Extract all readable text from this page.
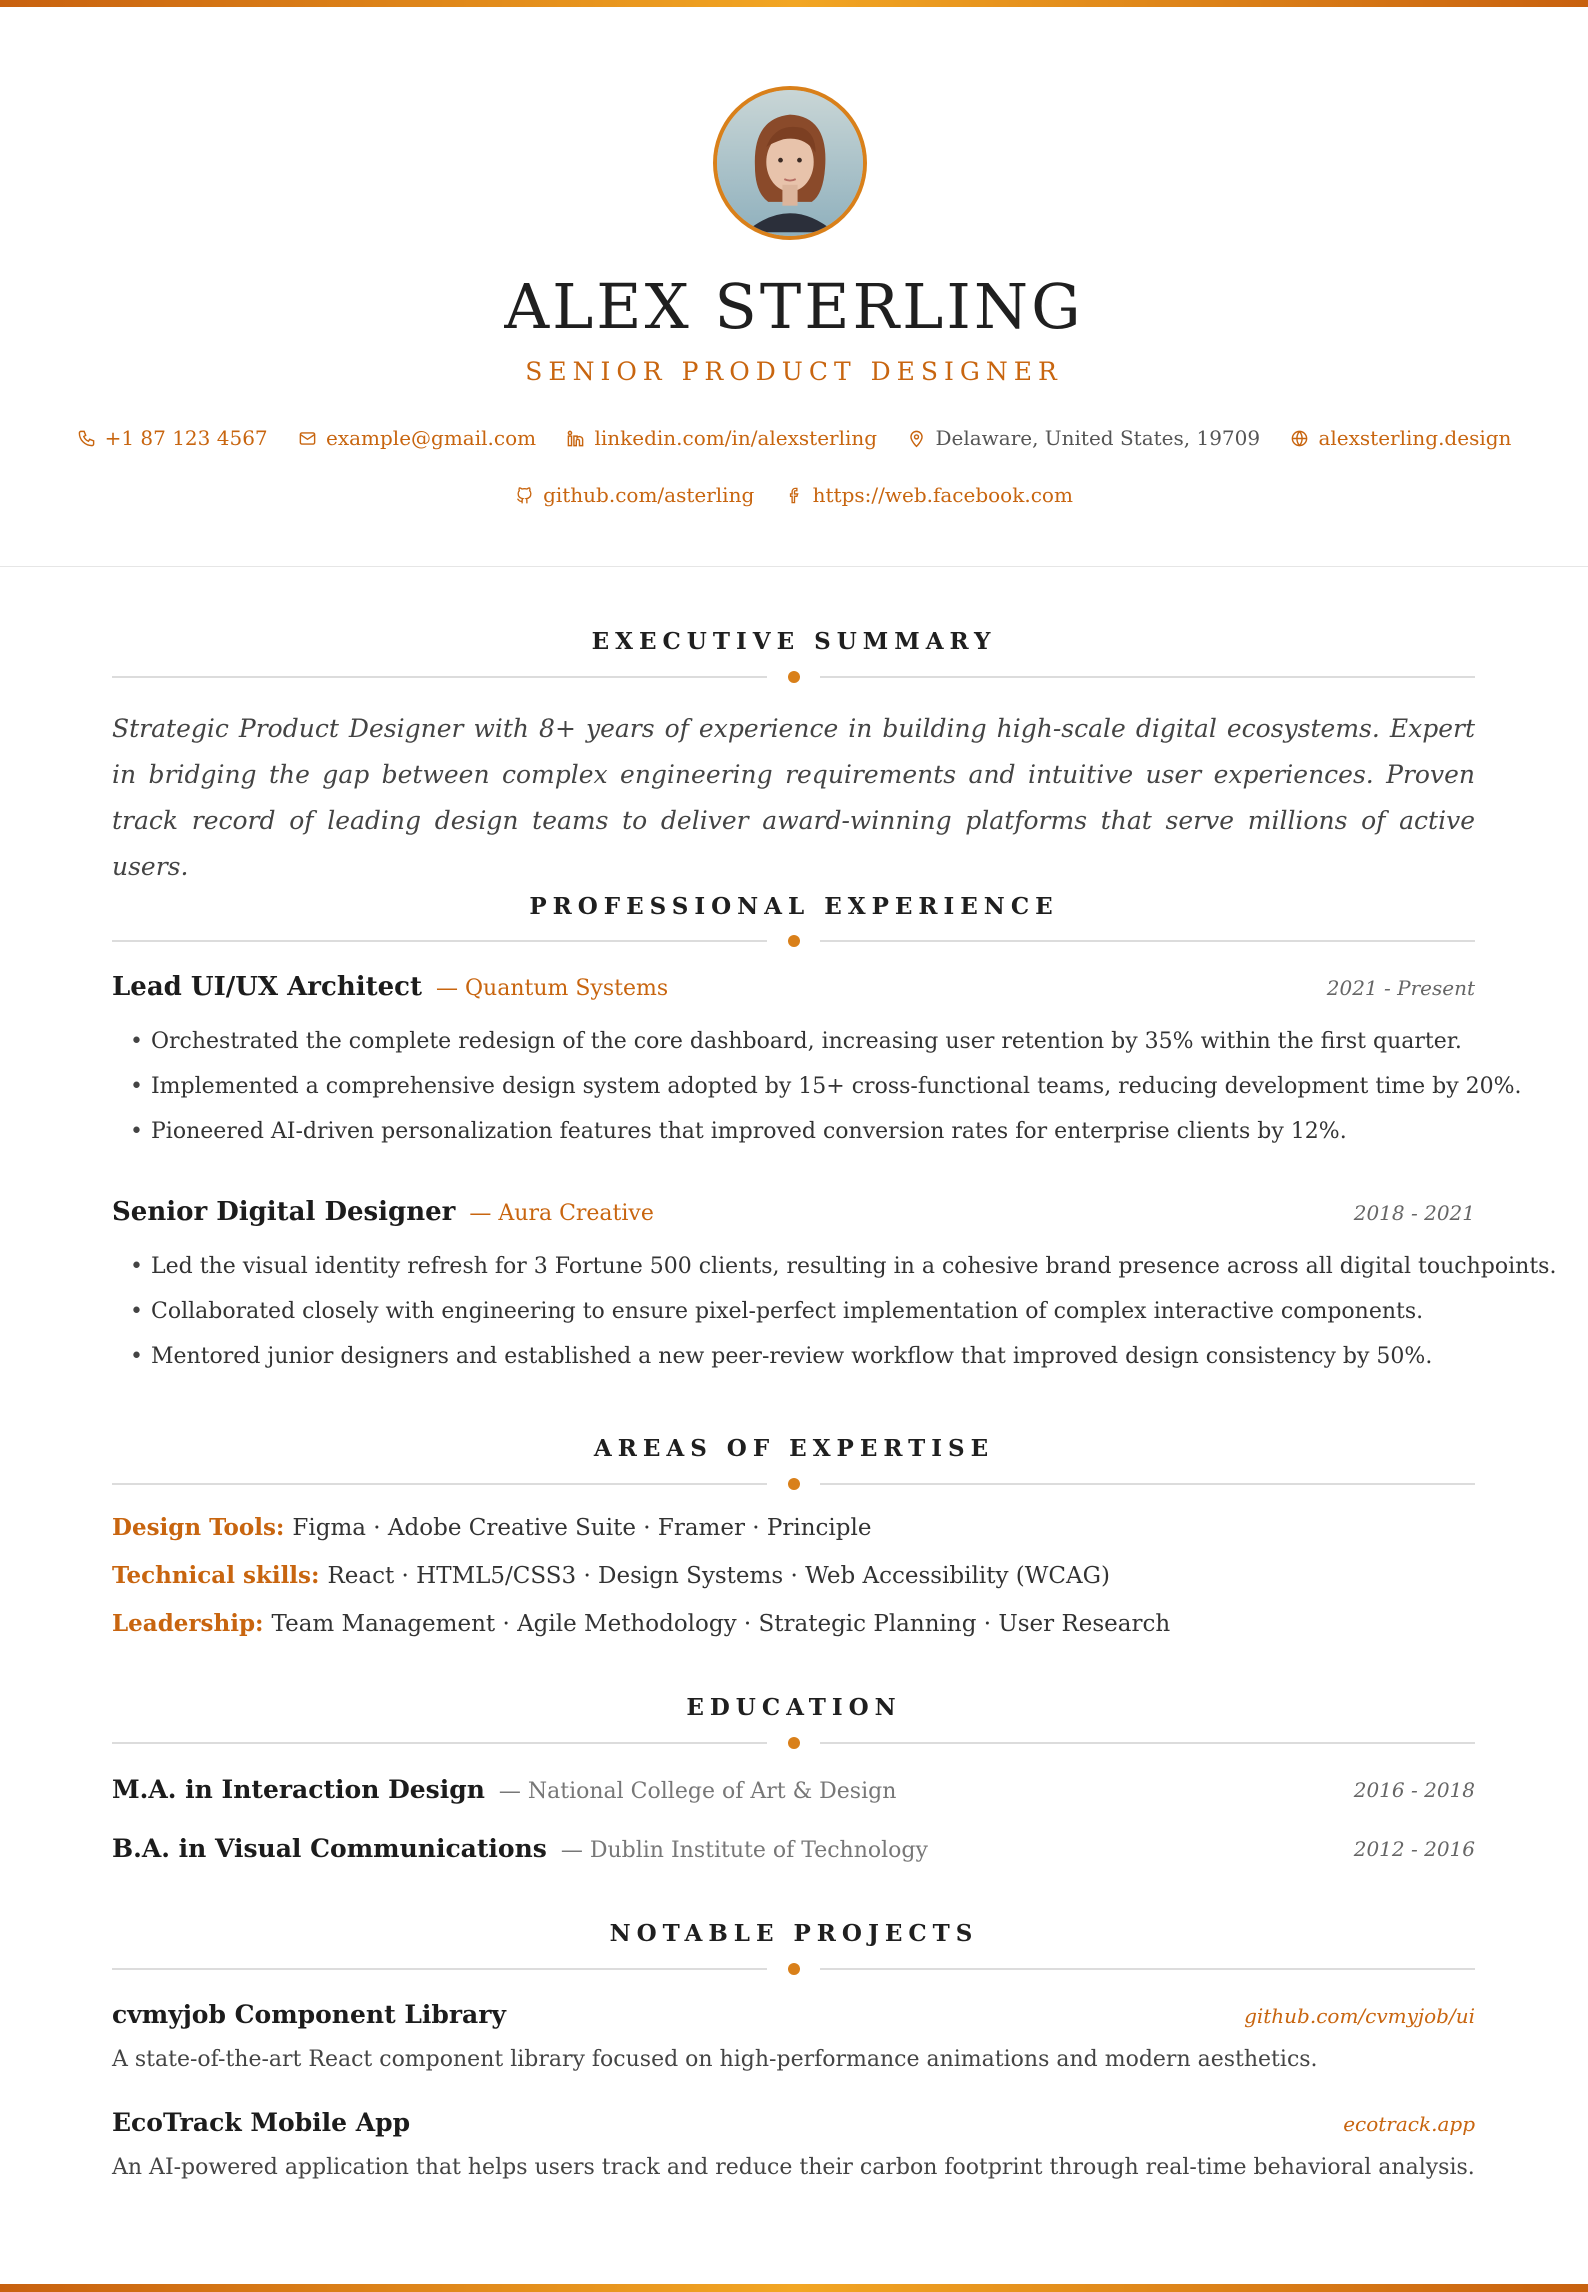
ALEX STERLING
SENIOR PRODUCT DESIGNER
+1 87 123 4567
	example@gmail.com
	linkedin.com/in/alexsterling
	Delaware, United States, 19709
	alexsterling.design
github.com/asterling
	https://web.facebook.com
EXECUTIVE SUMMARY
Strategic Product Designer with 8+ years of experience in building high-scale digital ecosystems. Expert in bridging the gap between complex engineering requirements and intuitive user experiences. Proven track record of leading design teams to deliver award-winning platforms that serve millions of active users.
PROFESSIONAL EXPERIENCE
Lead UI/UX Architect — Quantum Systems	2021 - Present
• Orchestrated the complete redesign of the core dashboard, increasing user retention by 35% within the first quarter.
• Implemented a comprehensive design system adopted by 15+ cross-functional teams, reducing development time by 20%.
• Pioneered AI-driven personalization features that improved conversion rates for enterprise clients by 12%.
Senior Digital Designer — Aura Creative	2018 - 2021
• Led the visual identity refresh for 3 Fortune 500 clients, resulting in a cohesive brand presence across all digital touchpoints.
• Collaborated closely with engineering to ensure pixel-perfect implementation of complex interactive components.
• Mentored junior designers and established a new peer-review workflow that improved design consistency by 50%.
AREAS OF EXPERTISE
Design Tools: Figma · Adobe Creative Suite · Framer · Principle
Technical skills: React · HTML5/CSS3 · Design Systems · Web Accessibility (WCAG)
Leadership: Team Management · Agile Methodology · Strategic Planning · User Research
EDUCATION
M.A. in Interaction Design — National College of Art & Design	2016 - 2018
B.A. in Visual Communications — Dublin Institute of Technology	2012 - 2016
NOTABLE PROJECTS
cvmyjob Component Library	github.com/cvmyjob/ui
A state-of-the-art React component library focused on high-performance animations and modern aesthetics.
EcoTrack Mobile App	ecotrack.app
An AI-powered application that helps users track and reduce their carbon footprint through real-time behavioral analysis.
